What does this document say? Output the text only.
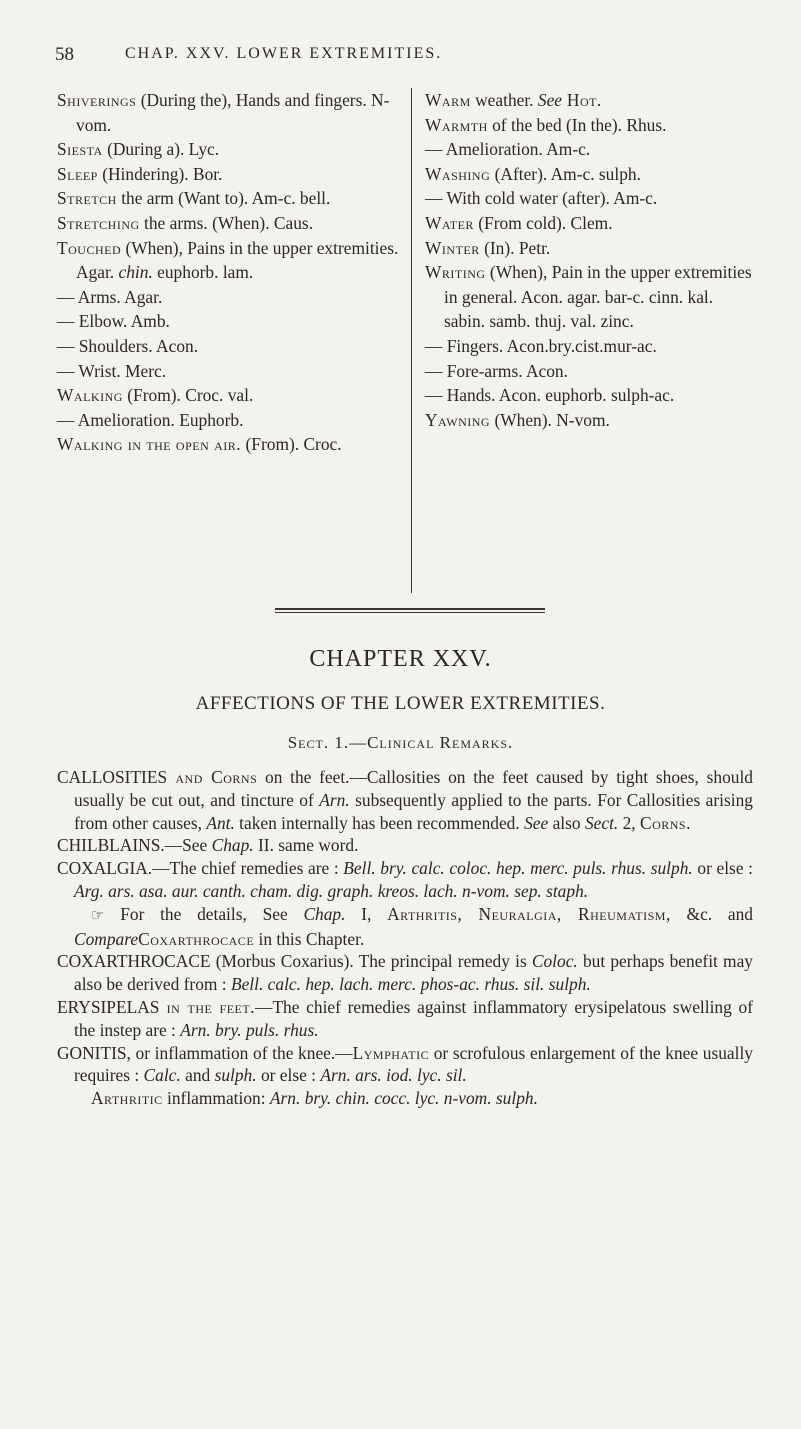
58	CHAP. XXV. LOWER EXTREMITIES.
Shiverings (During the), Hands and fingers. N-vom.
Siesta (During a). Lyc.
Sleep (Hindering). Bor.
Stretch the arm (Want to). Am-c. bell.
Stretching the arms. (When). Caus.
Touched (When), Pains in the upper extremities. Agar. chin. euphorb. lam.
— Arms. Agar.
— Elbow. Amb.
— Shoulders. Acon.
— Wrist. Merc.
Walking (From). Croc. val.
— Amelioration. Euphorb.
Walking in the open air. (From). Croc.
Warm weather. See Hot.
Warmth of the bed (In the). Rhus.
— Amelioration. Am-c.
Washing (After). Am-c. sulph.
— With cold water (after). Am-c.
Water (From cold). Clem.
Winter (In). Petr.
Writing (When), Pain in the upper extremities in general. Acon. agar. bar-c. cinn. kal. sabin. samb. thuj. val. zinc.
— Fingers. Acon.bry.cist.mur-ac.
— Fore-arms. Acon.
— Hands. Acon. euphorb. sulph-ac.
Yawning (When). N-vom.
CHAPTER XXV.
AFFECTIONS OF THE LOWER EXTREMITIES.
Sect. 1.—Clinical Remarks.
CALLOSITIES and Corns on the feet.—Callosities on the feet caused by tight shoes, should usually be cut out, and tincture of Arn. subsequently applied to the parts. For Callosities arising from other causes, Ant. taken internally has been recommended. See also Sect. 2, Corns.
CHILBLAINS.—See Chap. II. same word.
COXALGIA.—The chief remedies are : Bell. bry. calc. coloc. hep. merc. puls. rhus. sulph. or else : Arg. ars. asa. aur. canth. cham. dig. graph. kreos. lach. n-vom. sep. staph.
☞ For the details, See Chap. I, Arthritis, Neuralgia, Rheumatism, &c. and CompareCoxarthrocace in this Chapter.
COXARTHROCACE (Morbus Coxarius). The principal remedy is Coloc. but perhaps benefit may also be derived from : Bell. calc. hep. lach. merc. phos-ac. rhus. sil. sulph.
ERYSIPELAS in the feet.—The chief remedies against inflammatory erysipelatous swelling of the instep are : Arn. bry. puls. rhus.
GONITIS, or inflammation of the knee.—Lymphatic or scrofulous enlargement of the knee usually requires : Calc. and sulph. or else : Arn. ars. iod. lyc. sil.
Arthritic inflammation: Arn. bry. chin. cocc. lyc. n-vom. sulph.
